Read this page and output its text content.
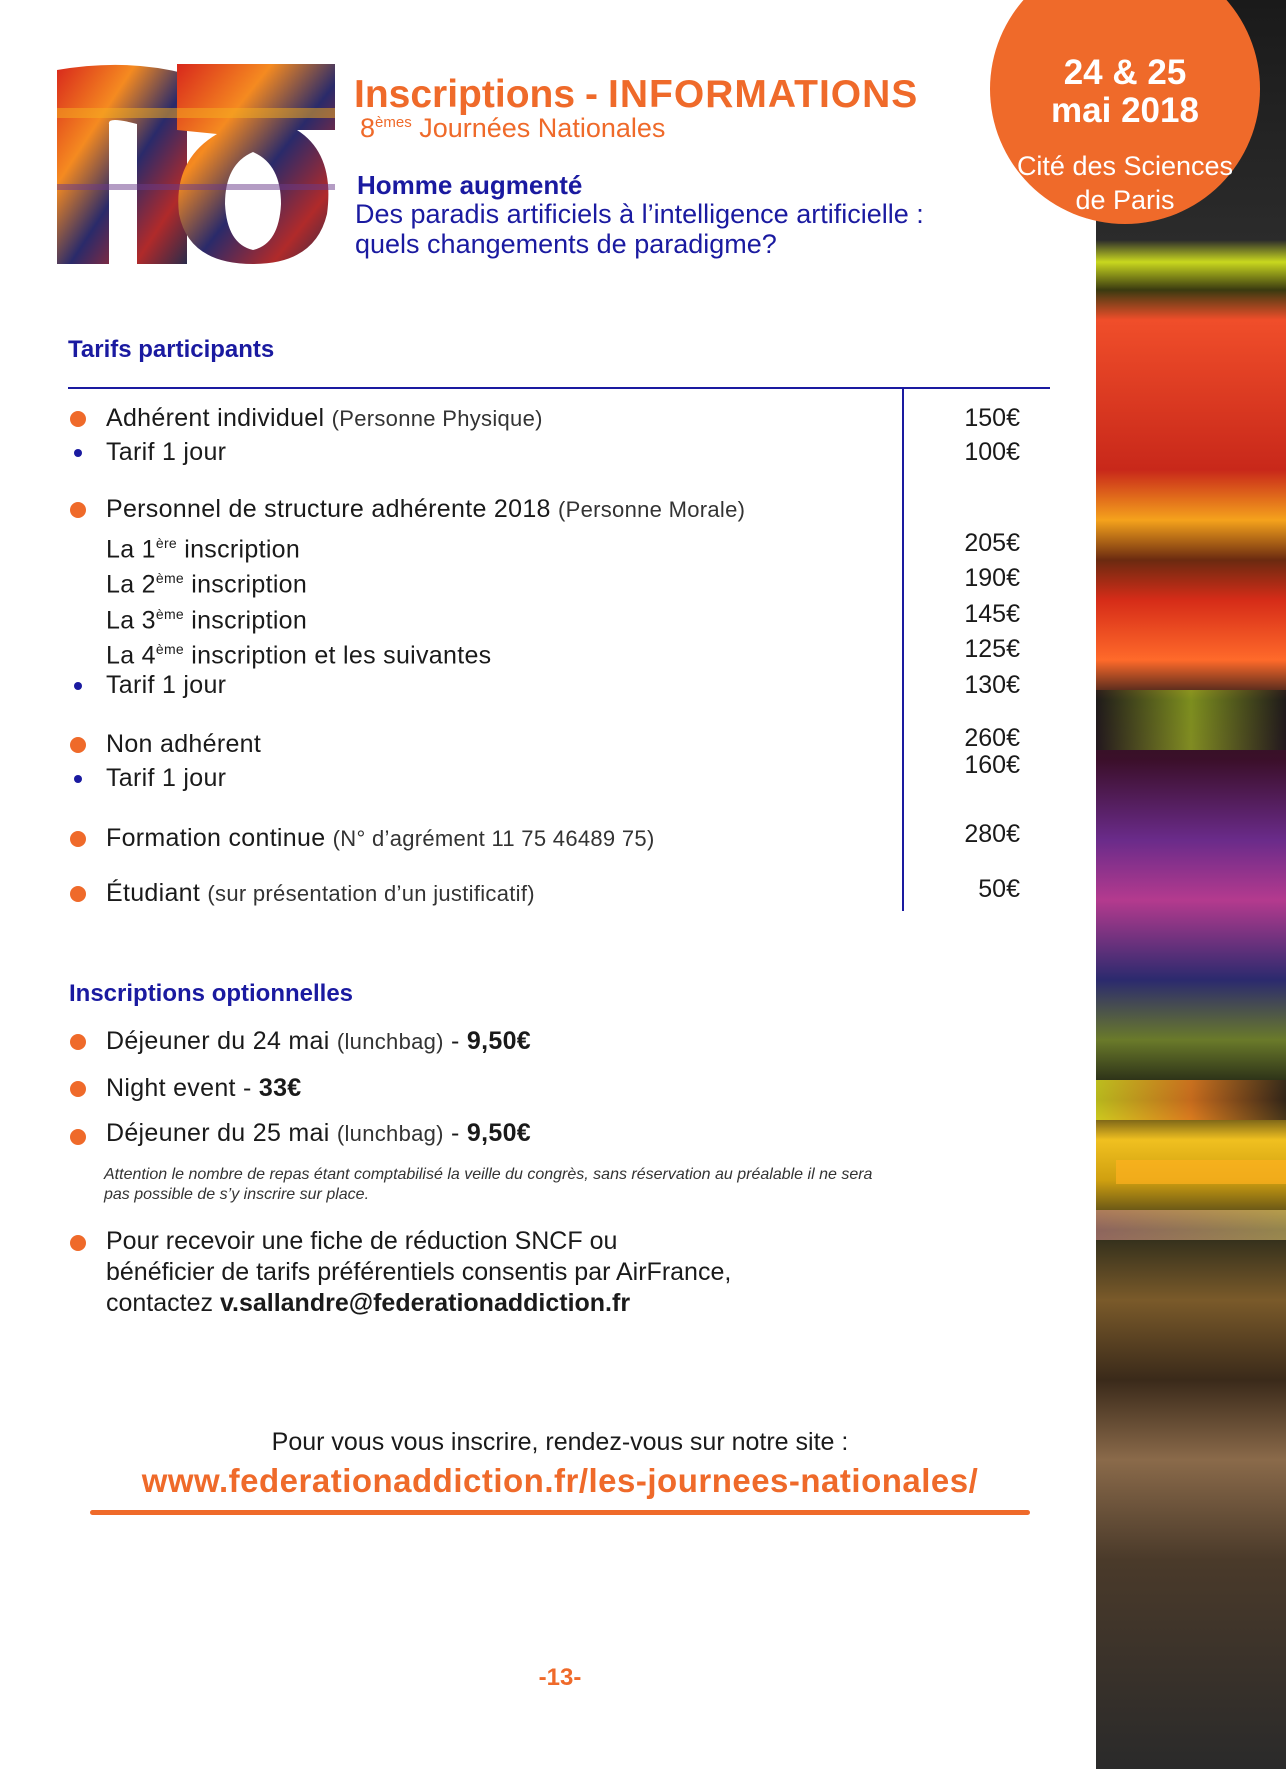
24 & 25
mai 2018
Cité des Sciences
de Paris
Inscriptions - INFORMATIONS
8èmes Journées Nationales
Homme augmenté
Des paradis artificiels à l’intelligence artificielle :
quels changements de paradigme?
Tarifs participants
Adhérent individuel (Personne Physique)	150€
Tarif 1 jour	100€
Personnel de structure adhérente 2018 (Personne Morale)
La 1ère inscription	205€
La 2ème inscription	190€
La 3ème inscription	145€
La 4ème inscription et les suivantes	125€
Tarif 1 jour	130€
Non adhérent	260€
Tarif 1 jour	160€
Formation continue (N° d’agrément 11 75 46489 75)	280€
Étudiant (sur présentation d’un justificatif)	50€
Inscriptions optionnelles
Déjeuner du 24 mai (lunchbag) - 9,50€
Night event - 33€
Déjeuner du 25 mai (lunchbag) - 9,50€
Attention le nombre de repas étant comptabilisé la veille du congrès, sans réservation au préalable il ne sera
pas possible de s’y inscrire sur place.
Pour recevoir une fiche de réduction SNCF ou
bénéficier de tarifs préférentiels consentis par AirFrance,
contactez v.sallandre@federationaddiction.fr
Pour vous vous inscrire, rendez-vous sur notre site :
www.federationaddiction.fr/les-journees-nationales/
-13-
